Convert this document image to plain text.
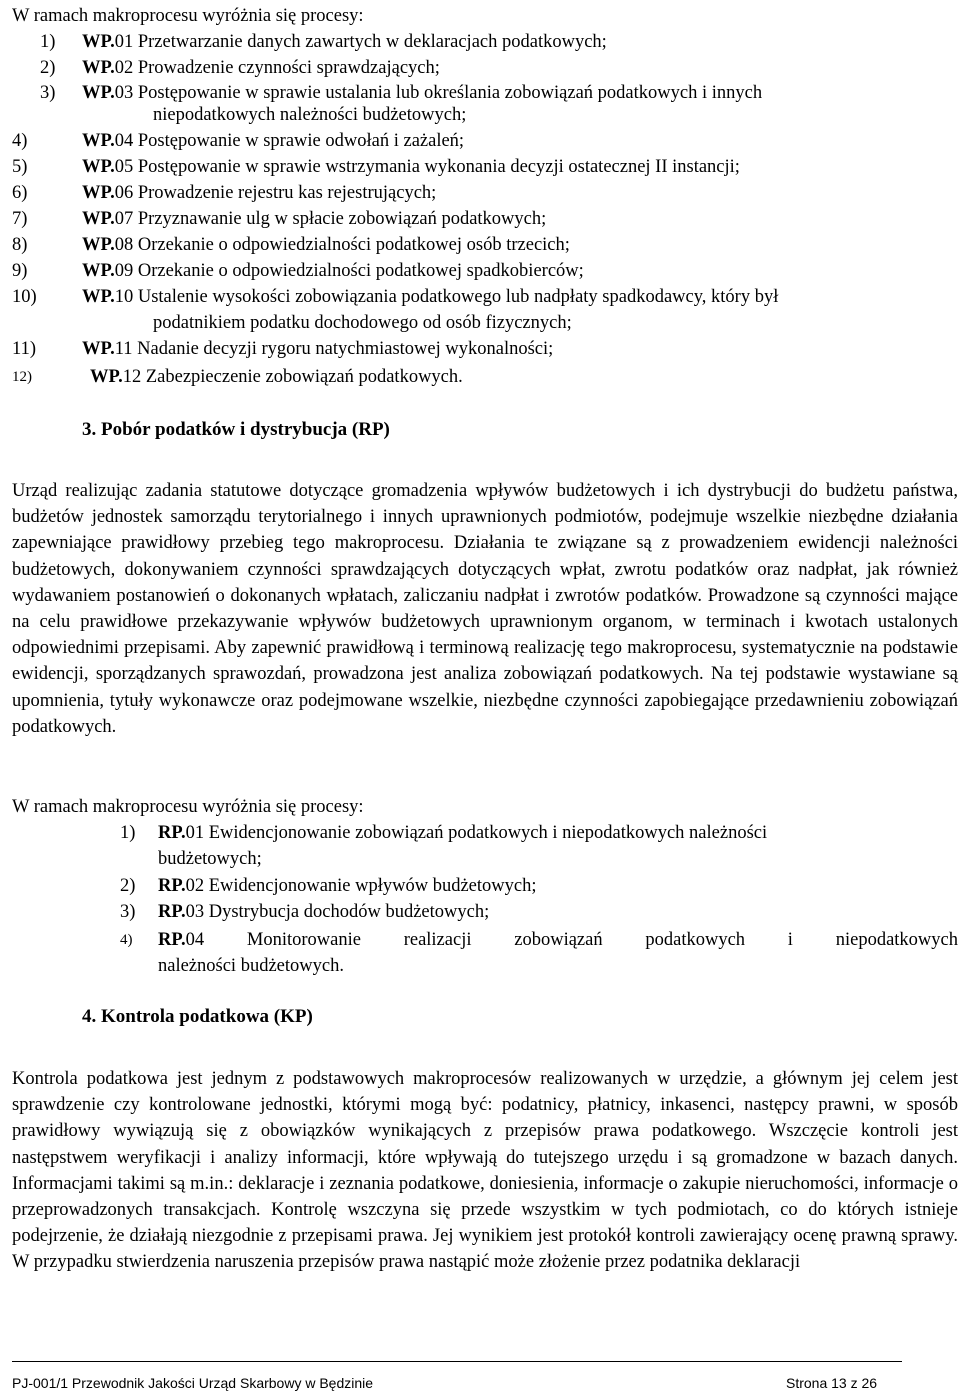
W ramach makroprocesu wyróżnia się procesy:
1) WP.01 Przetwarzanie danych zawartych w deklaracjach podatkowych;
2) WP.02 Prowadzenie czynności sprawdzających;
3) WP.03 Postępowanie w sprawie ustalania lub określania zobowiązań podatkowych i innych
niepodatkowych należności budżetowych;
4)	WP.04 Postępowanie w sprawie odwołań i zażaleń;
5)	WP.05 Postępowanie w sprawie wstrzymania wykonania decyzji ostatecznej II instancji;
6)	WP.06 Prowadzenie rejestru kas rejestrujących;
7)	WP.07 Przyznawanie ulg w spłacie zobowiązań podatkowych;
8)	WP.08 Orzekanie o odpowiedzialności podatkowej osób trzecich;
9)	WP.09 Orzekanie o odpowiedzialności podatkowej spadkobierców;
10) WP.10 Ustalenie wysokości zobowiązania podatkowego lub nadpłaty spadkodawcy, który był
podatnikiem podatku dochodowego od osób fizycznych;
11) WP.11 Nadanie decyzji rygoru natychmiastowej wykonalności;
12)	WP.12 Zabezpieczenie zobowiązań podatkowych.
3. Pobór podatków i dystrybucja (RP)
Urząd realizując zadania statutowe dotyczące gromadzenia wpływów budżetowych i ich dystrybucji do budżetu państwa, budżetów jednostek samorządu terytorialnego i innych uprawnionych podmiotów, podejmuje wszelkie niezbędne działania zapewniające prawidłowy przebieg tego makroprocesu. Działania te związane są z prowadzeniem ewidencji należności budżetowych, dokonywaniem czynności sprawdzających dotyczących wpłat, zwrotu podatków oraz nadpłat, jak również wydawaniem postanowień o dokonanych wpłatach, zaliczaniu nadpłat i zwrotów podatków. Prowadzone są czynności mające na celu prawidłowe przekazywanie wpływów budżetowych uprawnionym organom, w terminach i kwotach ustalonych odpowiednimi przepisami. Aby zapewnić prawidłową i terminową realizację tego makroprocesu, systematycznie na podstawie ewidencji, sporządzanych sprawozdań, prowadzona jest analiza zobowiązań podatkowych. Na tej podstawie wystawiane są upomnienia, tytuły wykonawcze oraz podejmowane wszelkie, niezbędne czynności zapobiegające przedawnieniu zobowiązań podatkowych.
W ramach makroprocesu wyróżnia się procesy:
1) RP.01 Ewidencjonowanie zobowiązań podatkowych i niepodatkowych należności
budżetowych;
2) RP.02 Ewidencjonowanie wpływów budżetowych;
3) RP.03 Dystrybucja dochodów budżetowych;
4) RP.04 Monitorowanie realizacji zobowiązań podatkowych i niepodatkowych
należności budżetowych.
4. Kontrola podatkowa (KP)
Kontrola podatkowa jest jednym z podstawowych makroprocesów realizowanych w urzędzie, a głównym jej celem jest sprawdzenie czy kontrolowane jednostki, którymi mogą być: podatnicy, płatnicy, inkasenci, następcy prawni, w sposób prawidłowy wywiązują się z obowiązków wynikających z przepisów prawa podatkowego. Wszczęcie kontroli jest następstwem weryfikacji i analizy informacji, które wpływają do tutejszego urzędu i są gromadzone w bazach danych. Informacjami takimi są m.in.: deklaracje i zeznania podatkowe, doniesienia, informacje o zakupie nieruchomości, informacje o przeprowadzonych transakcjach. Kontrolę wszczyna się przede wszystkim w tych podmiotach, co do których istnieje podejrzenie, że działają niezgodnie z przepisami prawa. Jej wynikiem jest protokół kontroli zawierający ocenę prawną sprawy. W przypadku stwierdzenia naruszenia przepisów prawa nastąpić może złożenie przez podatnika deklaracji
PJ-001/1 Przewodnik Jakości Urząd Skarbowy w Będzinie	Strona 13 z 26
